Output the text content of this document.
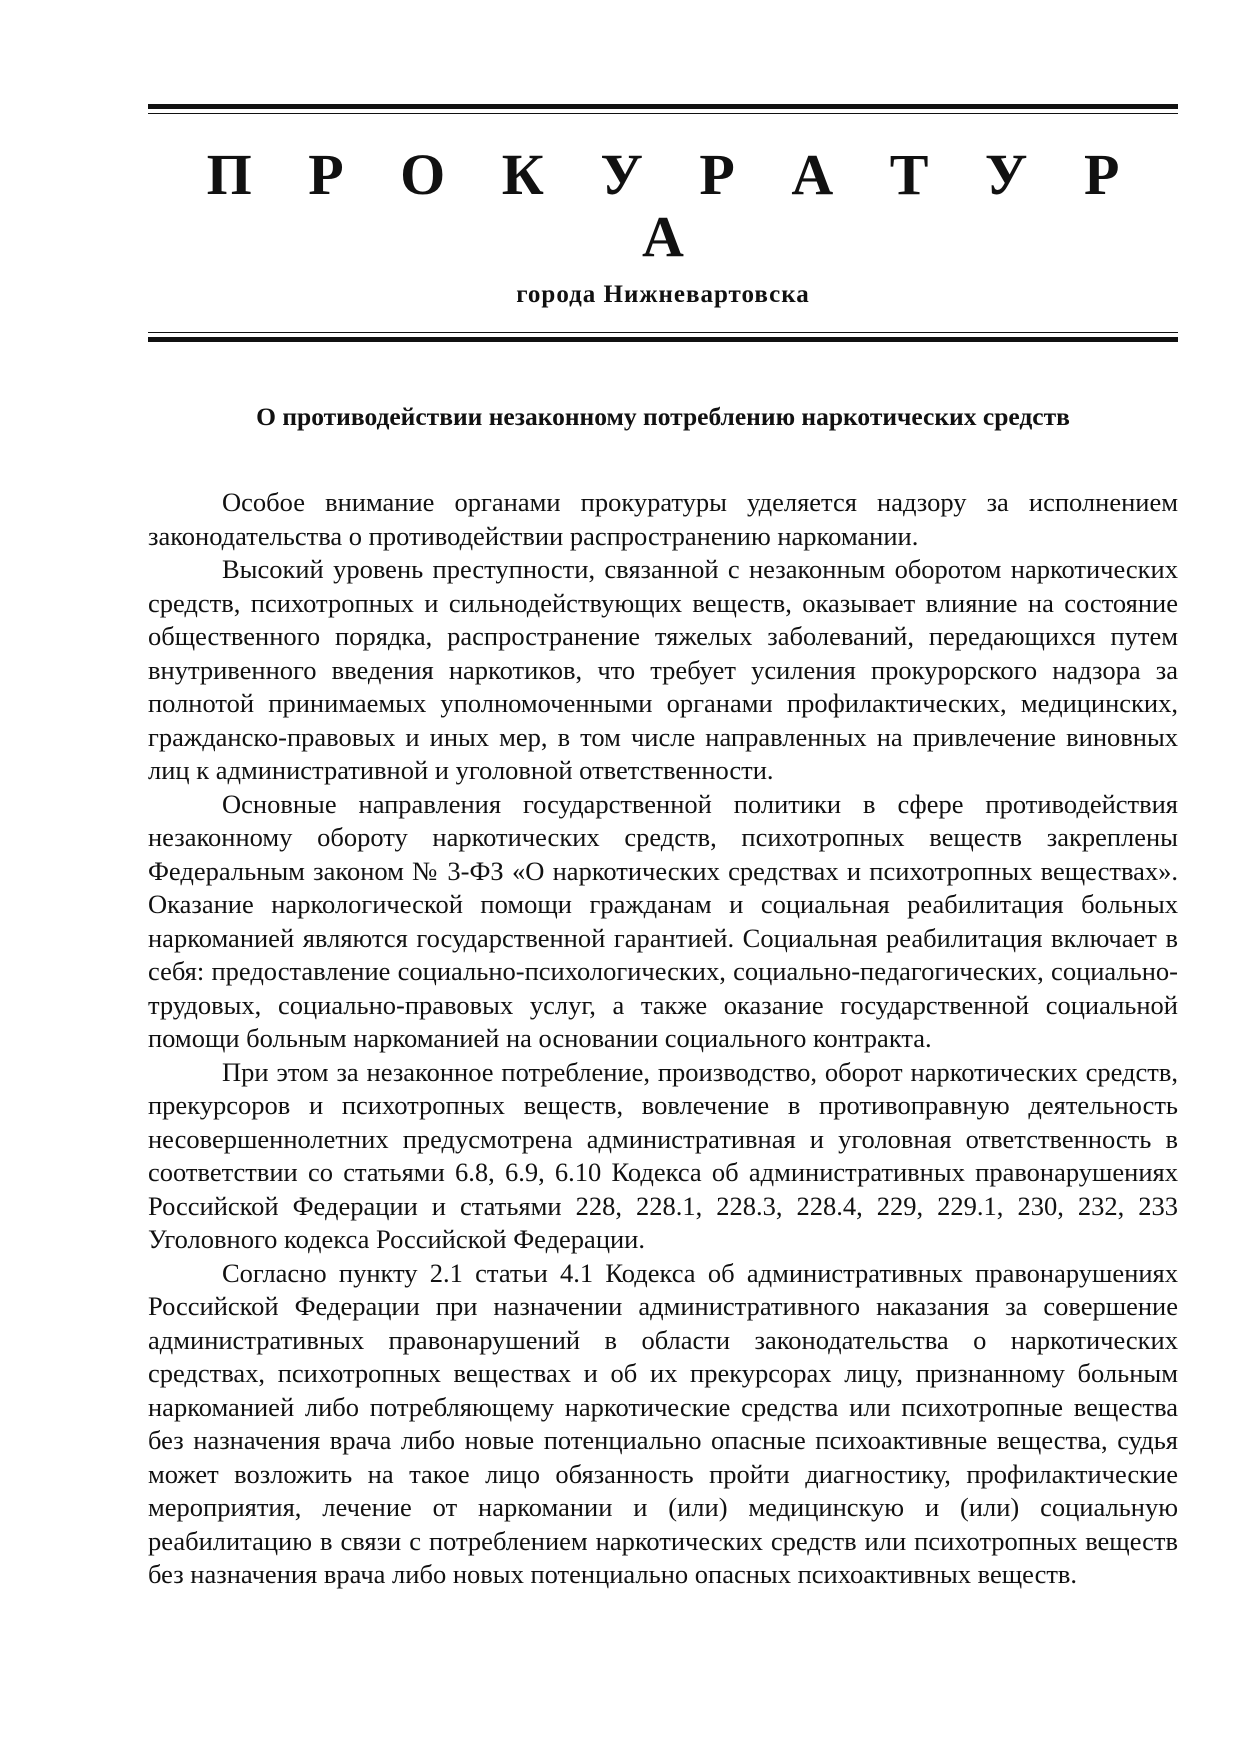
П Р О К У Р А Т У Р А
города Нижневартовска
О противодействии незаконному потреблению наркотических средств

Особое внимание органами прокуратуры уделяется надзору за исполнением законодательства о противодействии распространению наркомании.

Высокий уровень преступности, связанной с незаконным оборотом наркотических средств, психотропных и сильнодействующих веществ, оказывает влияние на состояние общественного порядка, распространение тяжелых заболеваний, передающихся путем внутривенного введения наркотиков, что требует усиления прокурорского надзора за полнотой принимаемых уполномоченными органами профилактических, медицинских, гражданско-правовых и иных мер, в том числе направленных на привлечение виновных лиц к административной и уголовной ответственности.

Основные направления государственной политики в сфере противодействия незаконному обороту наркотических средств, психотропных веществ закреплены Федеральным законом № 3-ФЗ «О наркотических средствах и психотропных веществах». Оказание наркологической помощи гражданам и социальная реабилитация больных наркоманией являются государственной гарантией. Социальная реабилитация включает в себя: предоставление социально-психологических, социально-педагогических, социально-трудовых, социально-правовых услуг, а также оказание государственной социальной помощи больным наркоманией на основании социального контракта.

При этом за незаконное потребление, производство, оборот наркотических средств, прекурсоров и психотропных веществ, вовлечение в противоправную деятельность несовершеннолетних предусмотрена административная и уголовная ответственность в соответствии со статьями 6.8, 6.9, 6.10 Кодекса об административных правонарушениях Российской Федерации и статьями 228, 228.1, 228.3, 228.4, 229, 229.1, 230, 232, 233 Уголовного кодекса Российской Федерации.

Согласно пункту 2.1 статьи 4.1 Кодекса об административных правонарушениях Российской Федерации при назначении административного наказания за совершение административных правонарушений в области законодательства о наркотических средствах, психотропных веществах и об их прекурсорах лицу, признанному больным наркоманией либо потребляющему наркотические средства или психотропные вещества без назначения врача либо новые потенциально опасные психоактивные вещества, судья может возложить на такое лицо обязанность пройти диагностику, профилактические мероприятия, лечение от наркомании и (или) медицинскую и (или) социальную реабилитацию в связи с потреблением наркотических средств или психотропных веществ без назначения врача либо новых потенциально опасных психоактивных веществ.
